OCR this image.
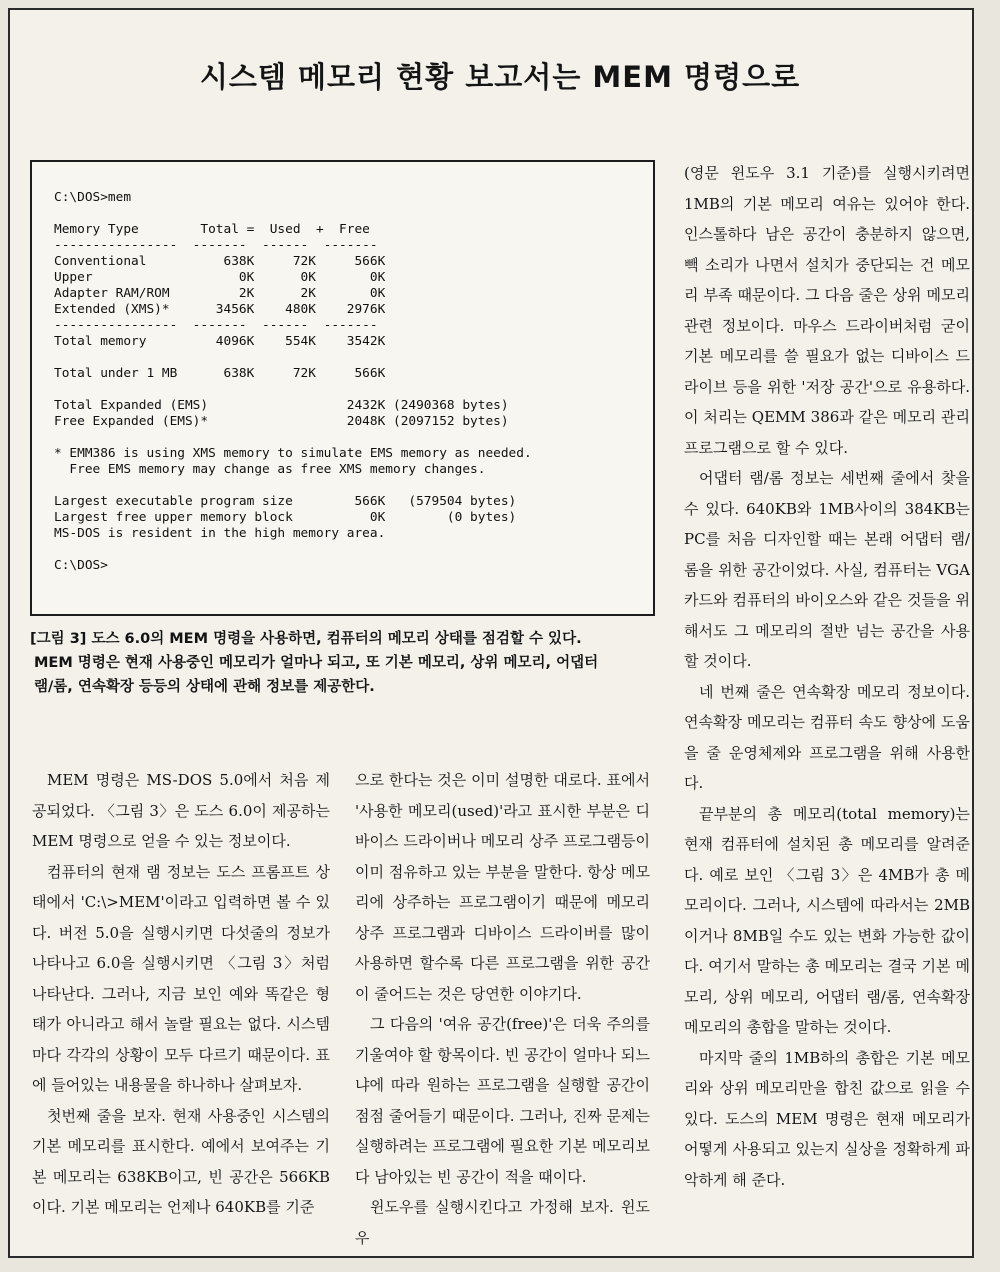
시스템 메모리 현황 보고서는 MEM 명령으로
C:\DOS>mem

Memory Type        Total =  Used  +  Free
----------------  -------  ------  -------
Conventional          638K     72K     566K
Upper                   0K      0K       0K
Adapter RAM/ROM         2K      2K       0K
Extended (XMS)*      3456K    480K    2976K
----------------  -------  ------  -------
Total memory         4096K    554K    3542K

Total under 1 MB      638K     72K     566K

Total Expanded (EMS)                  2432K (2490368 bytes)
Free Expanded (EMS)*                  2048K (2097152 bytes)

* EMM386 is using XMS memory to simulate EMS memory as needed.
Free EMS memory may change as free XMS memory changes.

Largest executable program size        566K   (579504 bytes)
Largest free upper memory block          0K        (0 bytes)
MS-DOS is resident in the high memory area.

C:\DOS>

[그림 3] 도스 6.0의 MEM 명령을 사용하면, 컴퓨터의 메모리 상태를 점검할 수 있다.

MEM 명령은 현재 사용중인 메모리가 얼마나 되고, 또 기본 메모리, 상위 메모리, 어댑터

램/롬, 연속확장 등등의 상태에 관해 정보를 제공한다.

MEM 명령은 MS-DOS 5.0에서 처음 제공되었다. 〈그림 3〉은 도스 6.0이 제공하는 MEM 명령으로 얻을 수 있는 정보이다.

컴퓨터의 현재 램 정보는 도스 프롬프트 상태에서 'C:\>MEM'이라고 입력하면 볼 수 있다. 버전 5.0을 실행시키면 다섯줄의 정보가 나타나고 6.0을 실행시키면 〈그림 3〉처럼 나타난다. 그러나, 지금 보인 예와 똑같은 형태가 아니라고 해서 놀랄 필요는 없다. 시스템마다 각각의 상황이 모두 다르기 때문이다. 표에 들어있는 내용물을 하나하나 살펴보자.

첫번째 줄을 보자. 현재 사용중인 시스템의 기본 메모리를 표시한다. 예에서 보여주는 기본 메모리는 638KB이고, 빈 공간은 566KB이다. 기본 메모리는 언제나 640KB를 기준

으로 한다는 것은 이미 설명한 대로다. 표에서 '사용한 메모리(used)'라고 표시한 부분은 디바이스 드라이버나 메모리 상주 프로그램등이 이미 점유하고 있는 부분을 말한다. 항상 메모리에 상주하는 프로그램이기 때문에 메모리 상주 프로그램과 디바이스 드라이버를 많이 사용하면 할수록 다른 프로그램을 위한 공간이 줄어드는 것은 당연한 이야기다.

그 다음의 '여유 공간(free)'은 더욱 주의를 기울여야 할 항목이다. 빈 공간이 얼마나 되느냐에 따라 원하는 프로그램을 실행할 공간이 점점 줄어들기 때문이다. 그러나, 진짜 문제는 실행하려는 프로그램에 필요한 기본 메모리보다 남아있는 빈 공간이 적을 때이다.

윈도우를 실행시킨다고 가정해 보자. 윈도우

(영문 윈도우 3.1 기준)를 실행시키려면 1MB의 기본 메모리 여유는 있어야 한다. 인스톨하다 남은 공간이 충분하지 않으면, 빽 소리가 나면서 설치가 중단되는 건 메모리 부족 때문이다. 그 다음 줄은 상위 메모리 관련 정보이다. 마우스 드라이버처럼 굳이 기본 메모리를 쓸 필요가 없는 디바이스 드라이브 등을 위한 '저장 공간'으로 유용하다. 이 처리는 QEMM 386과 같은 메모리 관리 프로그램으로 할 수 있다.

어댑터 램/롬 정보는 세번째 줄에서 찾을 수 있다. 640KB와 1MB사이의 384KB는 PC를 처음 디자인할 때는 본래 어댑터 램/롬을 위한 공간이었다. 사실, 컴퓨터는 VGA 카드와 컴퓨터의 바이오스와 같은 것들을 위해서도 그 메모리의 절반 넘는 공간을 사용할 것이다.

네 번째 줄은 연속확장 메모리 정보이다. 연속확장 메모리는 컴퓨터 속도 향상에 도움을 줄 운영체제와 프로그램을 위해 사용한다.

끝부분의 총 메모리(total memory)는 현재 컴퓨터에 설치된 총 메모리를 알려준다. 예로 보인 〈그림 3〉은 4MB가 총 메모리이다. 그러나, 시스템에 따라서는 2MB이거나 8MB일 수도 있는 변화 가능한 값이다. 여기서 말하는 총 메모리는 결국 기본 메모리, 상위 메모리, 어댑터 램/롬, 연속확장 메모리의 총합을 말하는 것이다.

마지막 줄의 1MB하의 총합은 기본 메모리와 상위 메모리만을 합친 값으로 읽을 수 있다. 도스의 MEM 명령은 현재 메모리가 어떻게 사용되고 있는지 실상을 정확하게 파악하게 해 준다.
